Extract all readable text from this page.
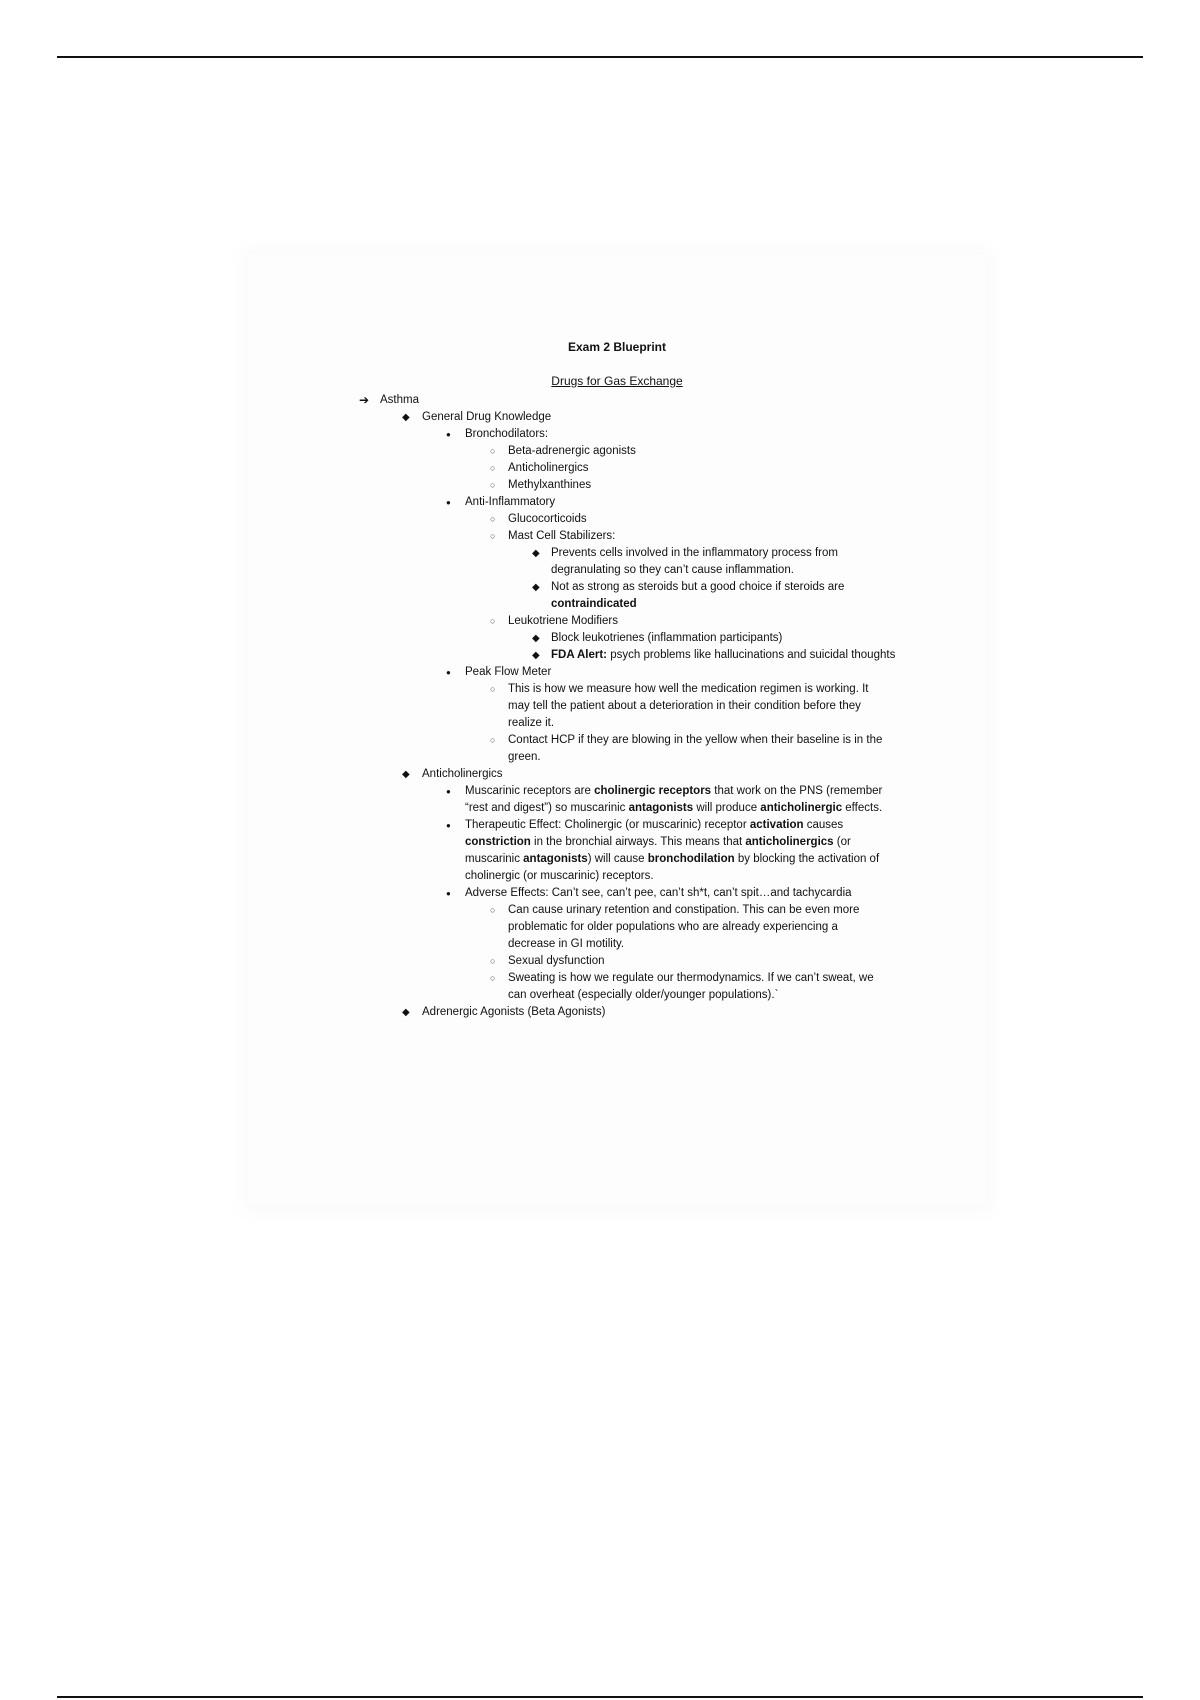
Exam 2 Blueprint
Drugs for Gas Exchange
➔ Asthma
◆ General Drug Knowledge
● Bronchodilators:
○ Beta-adrenergic agonists
○ Anticholinergics
○ Methylxanthines
● Anti-Inflammatory
○ Glucocorticoids
○ Mast Cell Stabilizers:
◆ Prevents cells involved in the inflammatory process from degranulating so they can’t cause inflammation.
◆ Not as strong as steroids but a good choice if steroids are contraindicated
○ Leukotriene Modifiers
◆ Block leukotrienes (inflammation participants)
◆ FDA Alert: psych problems like hallucinations and suicidal thoughts
● Peak Flow Meter
○ This is how we measure how well the medication regimen is working. It may tell the patient about a deterioration in their condition before they realize it.
○ Contact HCP if they are blowing in the yellow when their baseline is in the green.
◆ Anticholinergics
● Muscarinic receptors are cholinergic receptors that work on the PNS (remember “rest and digest”) so muscarinic antagonists will produce anticholinergic effects.
● Therapeutic Effect: Cholinergic (or muscarinic) receptor activation causes constriction in the bronchial airways. This means that anticholinergics (or muscarinic antagonists) will cause bronchodilation by blocking the activation of cholinergic (or muscarinic) receptors.
● Adverse Effects: Can’t see, can’t pee, can’t sh*t, can’t spit…and tachycardia
○ Can cause urinary retention and constipation. This can be even more problematic for older populations who are already experiencing a decrease in GI motility.
○ Sexual dysfunction
○ Sweating is how we regulate our thermodynamics. If we can’t sweat, we can overheat (especially older/younger populations).`
◆ Adrenergic Agonists (Beta Agonists)
